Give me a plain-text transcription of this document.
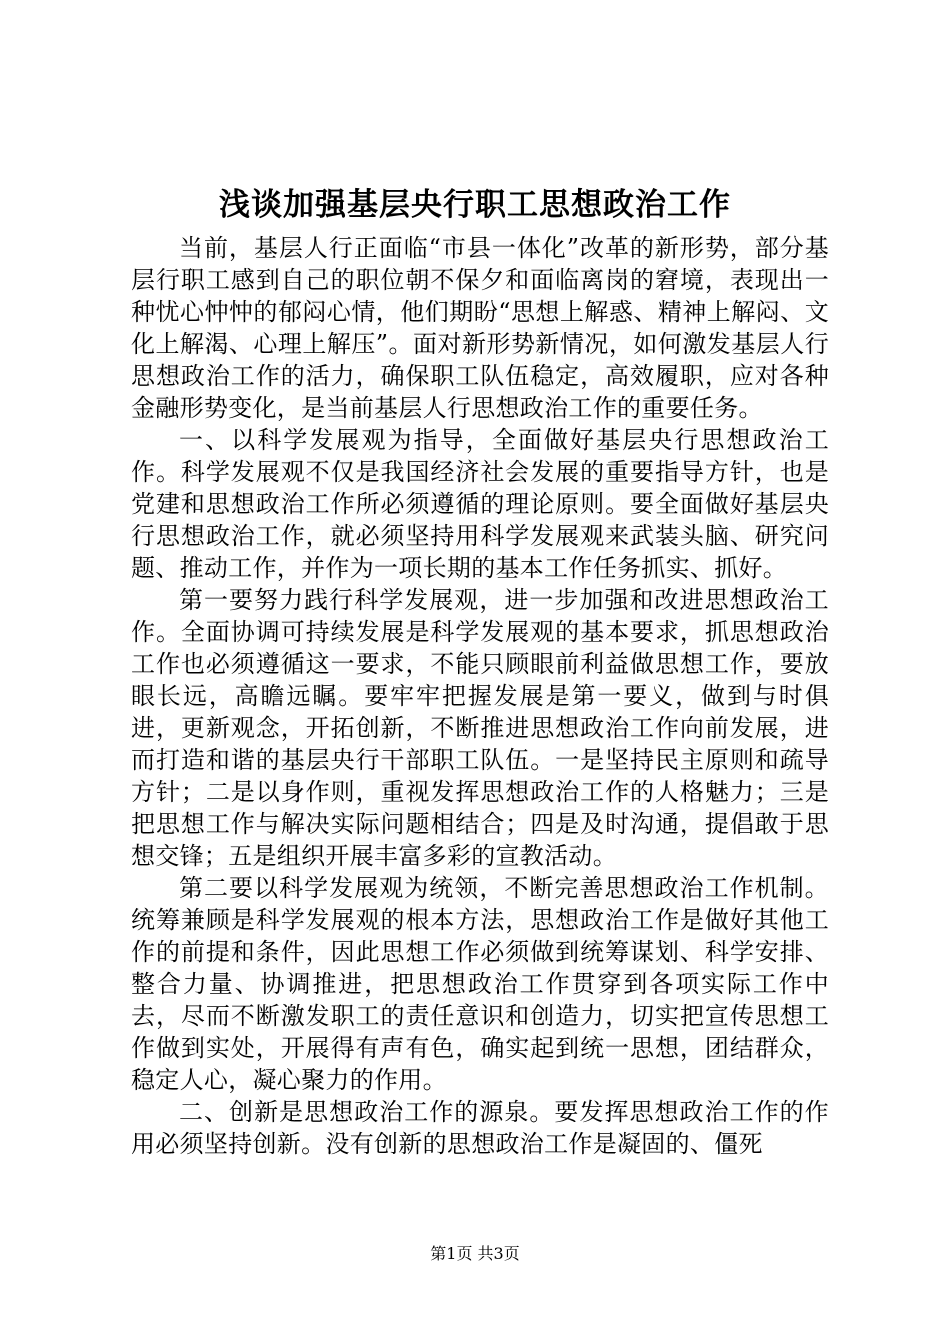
浅谈加强基层央行职工思想政治工作

当前，基层人行正面临“市县一体化”改革的新形势，部分基层行职工感到自己的职位朝不保夕和面临离岗的窘境，表现出一种忧心忡忡的郁闷心情，他们期盼“思想上解惑、精神上解闷、文化上解渴、心理上解压”。面对新形势新情况，如何激发基层人行思想政治工作的活力，确保职工队伍稳定，高效履职，应对各种金融形势变化，是当前基层人行思想政治工作的重要任务。

一、以科学发展观为指导，全面做好基层央行思想政治工作。科学发展观不仅是我国经济社会发展的重要指导方针，也是党建和思想政治工作所必须遵循的理论原则。要全面做好基层央行思想政治工作，就必须坚持用科学发展观来武装头脑、研究问题、推动工作，并作为一项长期的基本工作任务抓实、抓好。

第一要努力践行科学发展观，进一步加强和改进思想政治工作。全面协调可持续发展是科学发展观的基本要求，抓思想政治工作也必须遵循这一要求，不能只顾眼前利益做思想工作，要放眼长远，高瞻远瞩。要牢牢把握发展是第一要义，做到与时俱进，更新观念，开拓创新，不断推进思想政治工作向前发展，进而打造和谐的基层央行干部职工队伍。一是坚持民主原则和疏导方针；二是以身作则，重视发挥思想政治工作的人格魅力；三是把思想工作与解决实际问题相结合；四是及时沟通，提倡敢于思想交锋；五是组织开展丰富多彩的宣教活动。

第二要以科学发展观为统领，不断完善思想政治工作机制。统筹兼顾是科学发展观的根本方法，思想政治工作是做好其他工作的前提和条件，因此思想工作必须做到统筹谋划、科学安排、整合力量、协调推进，把思想政治工作贯穿到各项实际工作中去，尽而不断激发职工的责任意识和创造力，切实把宣传思想工作做到实处，开展得有声有色，确实起到统一思想，团结群众，稳定人心，凝心聚力的作用。

二、创新是思想政治工作的源泉。要发挥思想政治工作的作用必须坚持创新。没有创新的思想政治工作是凝固的、僵死

第1页 共3页
